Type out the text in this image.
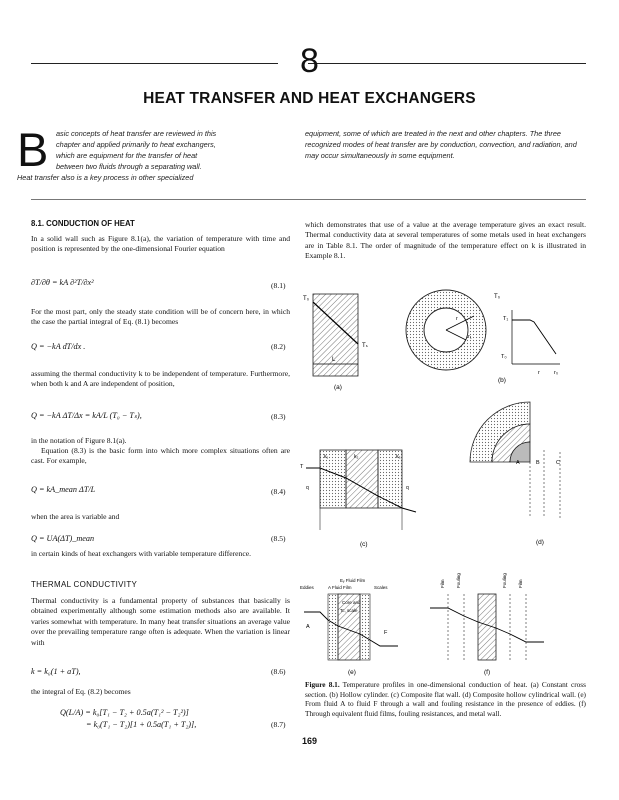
8
HEAT TRANSFER AND HEAT EXCHANGERS
B asic concepts of heat transfer are reviewed in this
chapter and applied primarily to heat exchangers,
which are equipment for the transfer of heat
between two fluids through a separating wall.
Heat transfer also is a key process in other specialized
equipment, some of which are treated in the next and other chapters. The three recognized modes of heat transfer are by conduction, convection, and radiation, and may occur simultaneously in some equipment.
8.1. CONDUCTION OF HEAT
In a solid wall such as Figure 8.1(a), the variation of temperature with time and position is represented by the one-dimensional Fourier equation
∂T/∂θ = kA ∂²T/∂x²	(8.1)
For the most part, only the steady state condition will be of concern here, in which the case the partial integral of Eq. (8.1) becomes
Q = −kA dT/dx .	(8.2)
assuming the thermal conductivity k to be independent of temperature. Furthermore, when both k and A are independent of position,
Q = −kA ΔT/Δx = kA/L (T₀ − Tₛ),	(8.3)
in the notation of Figure 8.1(a).
Equation (8.3) is the basic form into which more complex situations often are cast. For example,
Q = kA_mean ΔT/L	(8.4)
when the area is variable and
Q = UA(ΔT)_mean	(8.5)
in certain kinds of heat exchangers with variable temperature difference.
THERMAL CONDUCTIVITY
Thermal conductivity is a fundamental property of substances that basically is obtained experimentally although some estimation methods also are available. It varies somewhat with temperature. In many heat transfer situations an average value over the prevailing temperature range often is adequate. When the variation is linear with
k = k₀(1 + aT),	(8.6)
the integral of Eq. (8.2) becomes
Q(L/A) = k₀[T₁ − T₂ + 0.5a(T₁² − T₂²)]
= k₀(T₁ − T₂)[1 + 0.5a(T₁ + T₂)],	(8.7)
which demonstrates that use of a value at the average temperature gives an exact result. Thermal conductivity data at several temperatures of some metals used in heat exchangers are in Table 8.1. The order of magnitude of the temperature effect on k is illustrated in Example 8.1.
T₀
Tₛ
L
(a)
r
r₁
T₀
(b)
T₁
T₀
r	r₀
T
k₁	k₂	k₃
q	q
(c)
A	B	C
(d)
Eᵧ Fluid Film
A Fluid Film
Eddies	Scales
A
F
Core and
Tc, scale
(e)
Film Fouling	Fouling Film
(f)
Figure 8.1. Temperature profiles in one-dimensional conduction of heat. (a) Constant cross section. (b) Hollow cylinder. (c) Composite flat wall. (d) Composite hollow cylindrical wall. (e) From fluid A to fluid F through a wall and fouling resistance in the presence of eddies. (f) Through equivalent fluid films, fouling resistances, and metal wall.
169
